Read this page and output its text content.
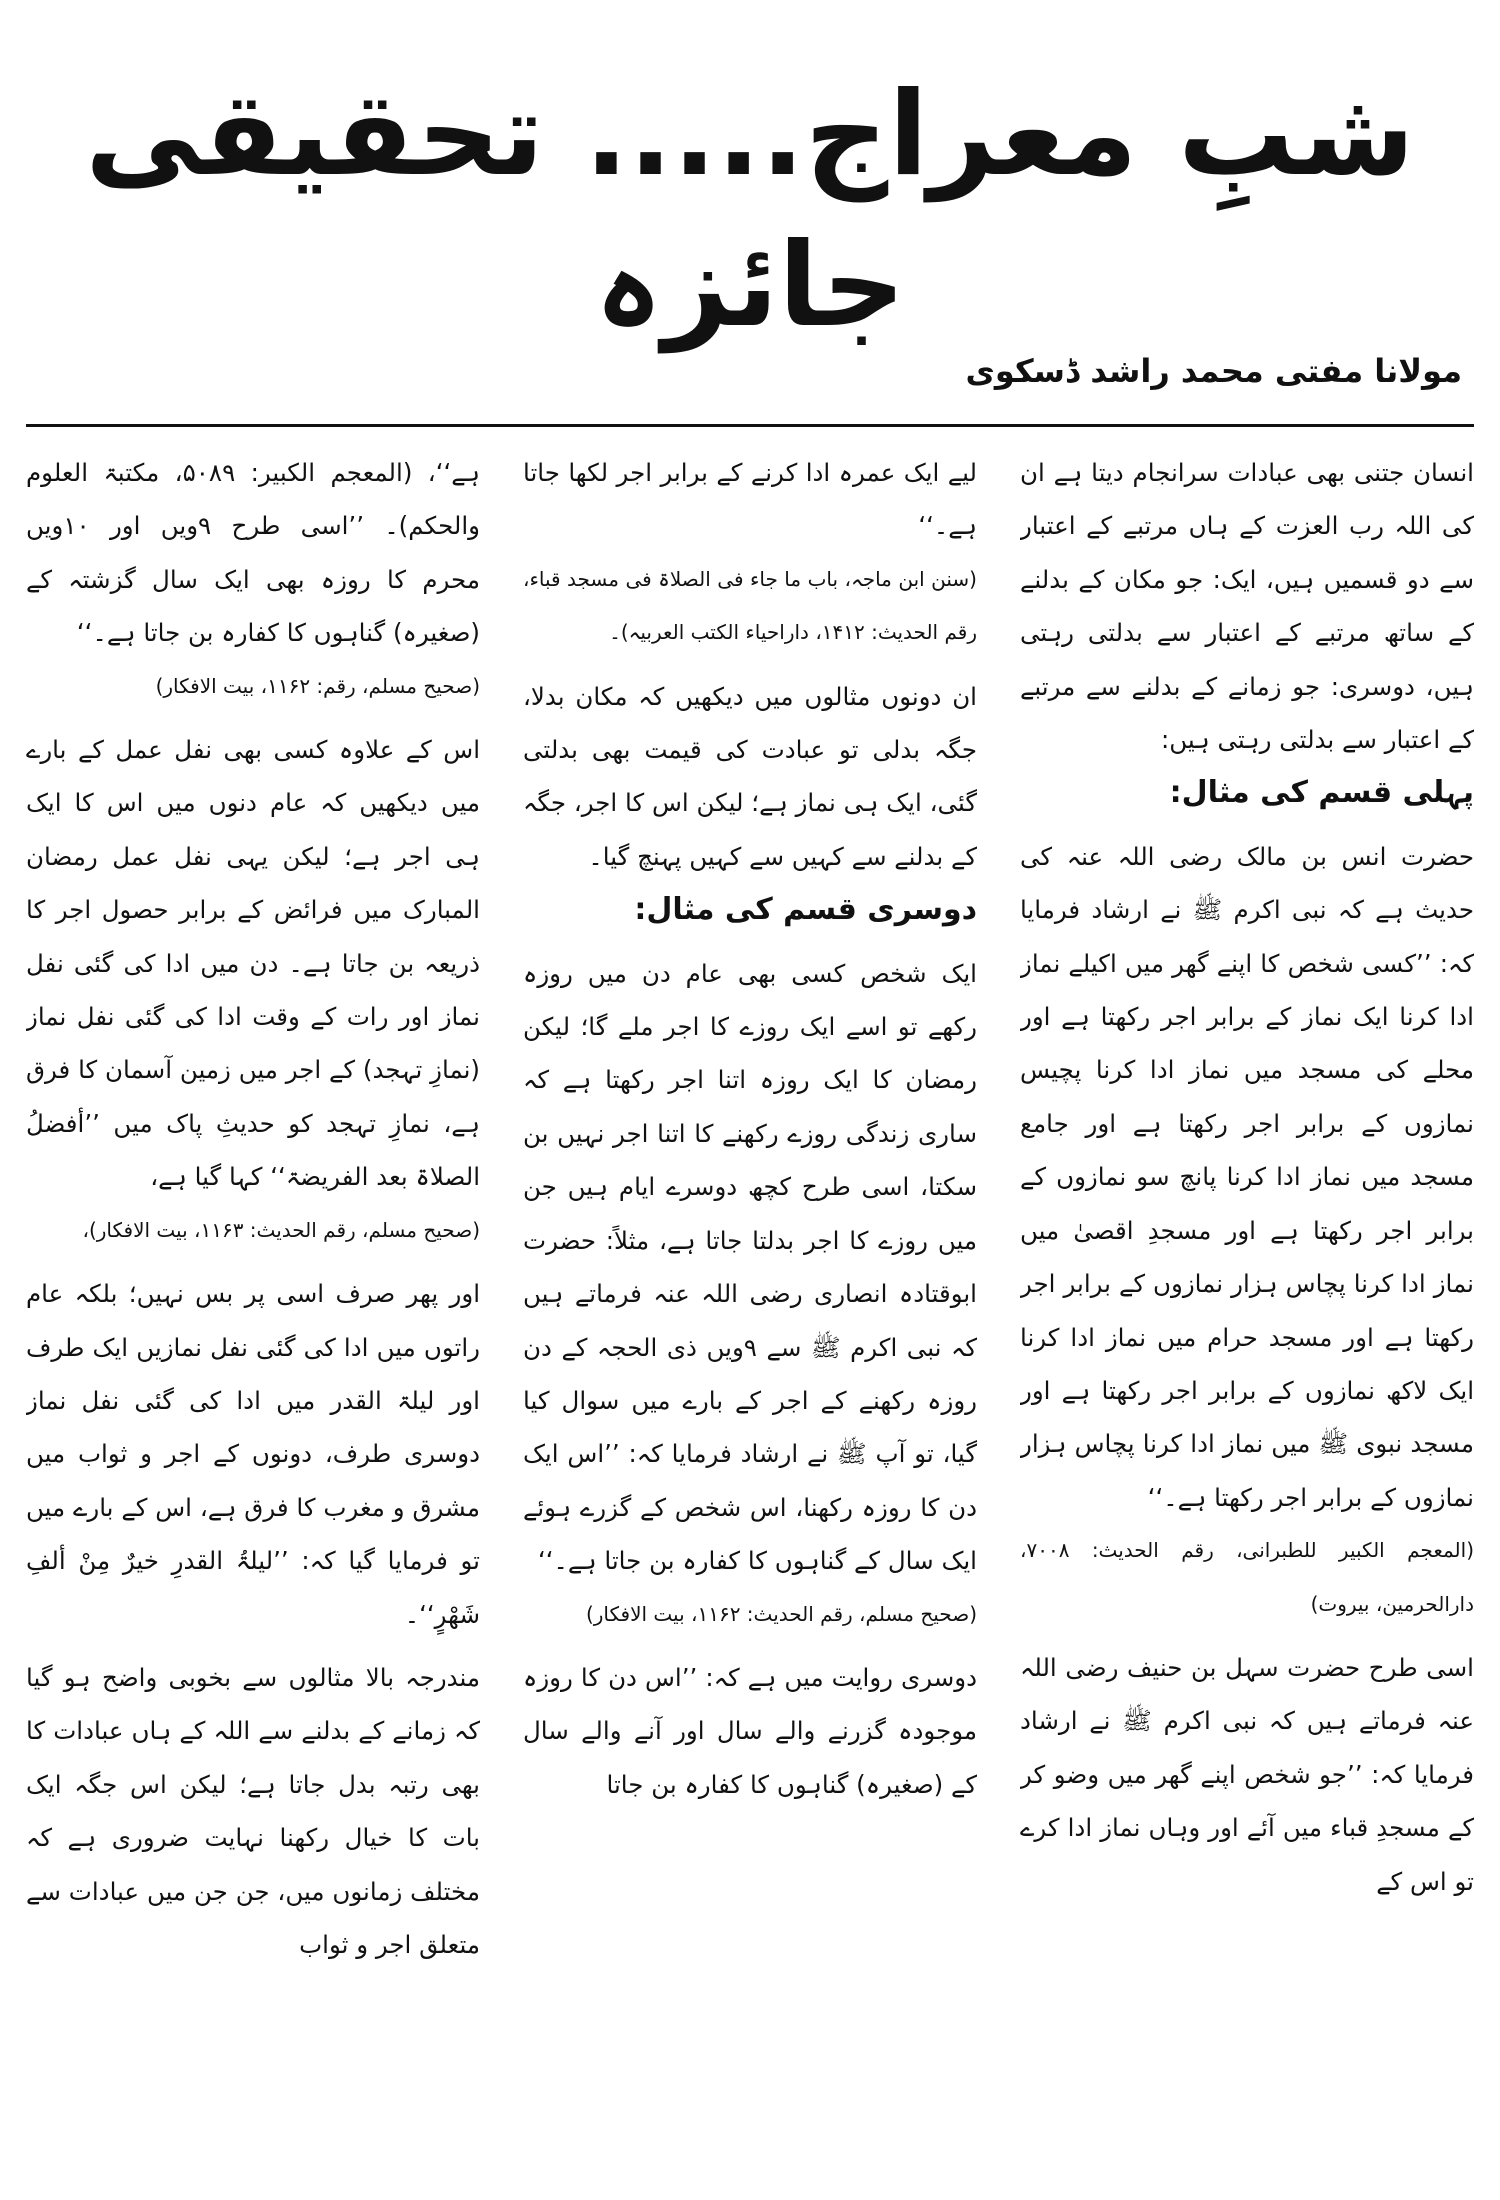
شبِ معراج..... تحقیقی جائزہ
مولانا مفتی محمد راشد ڈسکوی

انسان جتنی بھی عبادات سرانجام دیتا ہے ان کی اللہ رب العزت کے ہاں مرتبے کے اعتبار سے دو قسمیں ہیں، ایک: جو مکان کے بدلنے کے ساتھ مرتبے کے اعتبار سے بدلتی رہتی ہیں، دوسری: جو زمانے کے بدلنے سے مرتبے کے اعتبار سے بدلتی رہتی ہیں:

پہلی قسم کی مثال:

حضرت انس بن مالک رضی اللہ عنہ کی حدیث ہے کہ نبی اکرم ﷺ نے ارشاد فرمایا کہ: ’’کسی شخص کا اپنے گھر میں اکیلے نماز ادا کرنا ایک نماز کے برابر اجر رکھتا ہے اور محلے کی مسجد میں نماز ادا کرنا پچیس نمازوں کے برابر اجر رکھتا ہے اور جامع مسجد میں نماز ادا کرنا پانچ سو نمازوں کے برابر اجر رکھتا ہے اور مسجدِ اقصیٰ میں نماز ادا کرنا پچاس ہزار نمازوں کے برابر اجر رکھتا ہے اور مسجد حرام میں نماز ادا کرنا ایک لاکھ نمازوں کے برابر اجر رکھتا ہے اور مسجد نبوی ﷺ میں نماز ادا کرنا پچاس ہزار نمازوں کے برابر اجر رکھتا ہے۔‘‘

(المعجم الکبیر للطبرانی، رقم الحدیث: ۷۰۰۸، دارالحرمین، بیروت)

اسی طرح حضرت سہل بن حنیف رضی اللہ عنہ فرماتے ہیں کہ نبی اکرم ﷺ نے ارشاد فرمایا کہ: ’’جو شخص اپنے گھر میں وضو کر کے مسجدِ قباء میں آئے اور وہاں نماز ادا کرے تو اس کے

لیے ایک عمرہ ادا کرنے کے برابر اجر لکھا جاتا ہے۔‘‘

(سنن ابن ماجہ، باب ما جاء فی الصلاۃ فی مسجد قباء، رقم الحدیث: ۱۴۱۲، داراحیاء الکتب العربیہ)۔

ان دونوں مثالوں میں دیکھیں کہ مکان بدلا، جگہ بدلی تو عبادت کی قیمت بھی بدلتی گئی، ایک ہی نماز ہے؛ لیکن اس کا اجر، جگہ کے بدلنے سے کہیں سے کہیں پہنچ گیا۔

دوسری قسم کی مثال:

ایک شخص کسی بھی عام دن میں روزہ رکھے تو اسے ایک روزے کا اجر ملے گا؛ لیکن رمضان کا ایک روزہ اتنا اجر رکھتا ہے کہ ساری زندگی روزے رکھنے کا اتنا اجر نہیں بن سکتا، اسی طرح کچھ دوسرے ایام ہیں جن میں روزے کا اجر بدلتا جاتا ہے، مثلاً: حضرت ابوقتادہ انصاری رضی اللہ عنہ فرماتے ہیں کہ نبی اکرم ﷺ سے ۹ویں ذی الحجہ کے دن روزہ رکھنے کے اجر کے بارے میں سوال کیا گیا، تو آپ ﷺ نے ارشاد فرمایا کہ: ’’اس ایک دن کا روزہ رکھنا، اس شخص کے گزرے ہوئے ایک سال کے گناہوں کا کفارہ بن جاتا ہے۔‘‘

(صحیح مسلم، رقم الحدیث: ۱۱۶۲، بیت الافکار)

دوسری روایت میں ہے کہ: ’’اس دن کا روزہ موجودہ گزرنے والے سال اور آنے والے سال کے (صغیرہ) گناہوں کا کفارہ بن جاتا

ہے‘‘، (المعجم الکبیر: ۵۰۸۹، مکتبۃ العلوم والحکم)۔ ’’اسی طرح ۹ویں اور ۱۰ویں محرم کا روزہ بھی ایک سال گزشتہ کے (صغیرہ) گناہوں کا کفارہ بن جاتا ہے۔‘‘

(صحیح مسلم، رقم: ۱۱۶۲، بیت الافکار)

اس کے علاوہ کسی بھی نفل عمل کے بارے میں دیکھیں کہ عام دنوں میں اس کا ایک ہی اجر ہے؛ لیکن یہی نفل عمل رمضان المبارک میں فرائض کے برابر حصول اجر کا ذریعہ بن جاتا ہے۔ دن میں ادا کی گئی نفل نماز اور رات کے وقت ادا کی گئی نفل نماز (نمازِ تہجد) کے اجر میں زمین آسمان کا فرق ہے، نمازِ تہجد کو حدیثِ پاک میں ’’أفضلُ الصلاۃ بعد الفریضۃ‘‘ کہا گیا ہے،

(صحیح مسلم، رقم الحدیث: ۱۱۶۳، بیت الافکار)،

اور پھر صرف اسی پر بس نہیں؛ بلکہ عام راتوں میں ادا کی گئی نفل نمازیں ایک طرف اور لیلۃ القدر میں ادا کی گئی نفل نماز دوسری طرف، دونوں کے اجر و ثواب میں مشرق و مغرب کا فرق ہے، اس کے بارے میں تو فرمایا گیا کہ: ’’لیلۃُ القدرِ خیرٌ مِنْ ألفِ شَھْرٍ‘‘۔

مندرجہ بالا مثالوں سے بخوبی واضح ہو گیا کہ زمانے کے بدلنے سے اللہ کے ہاں عبادات کا بھی رتبہ بدل جاتا ہے؛ لیکن اس جگہ ایک بات کا خیال رکھنا نہایت ضروری ہے کہ مختلف زمانوں میں، جن جن میں عبادات سے متعلق اجر و ثواب
